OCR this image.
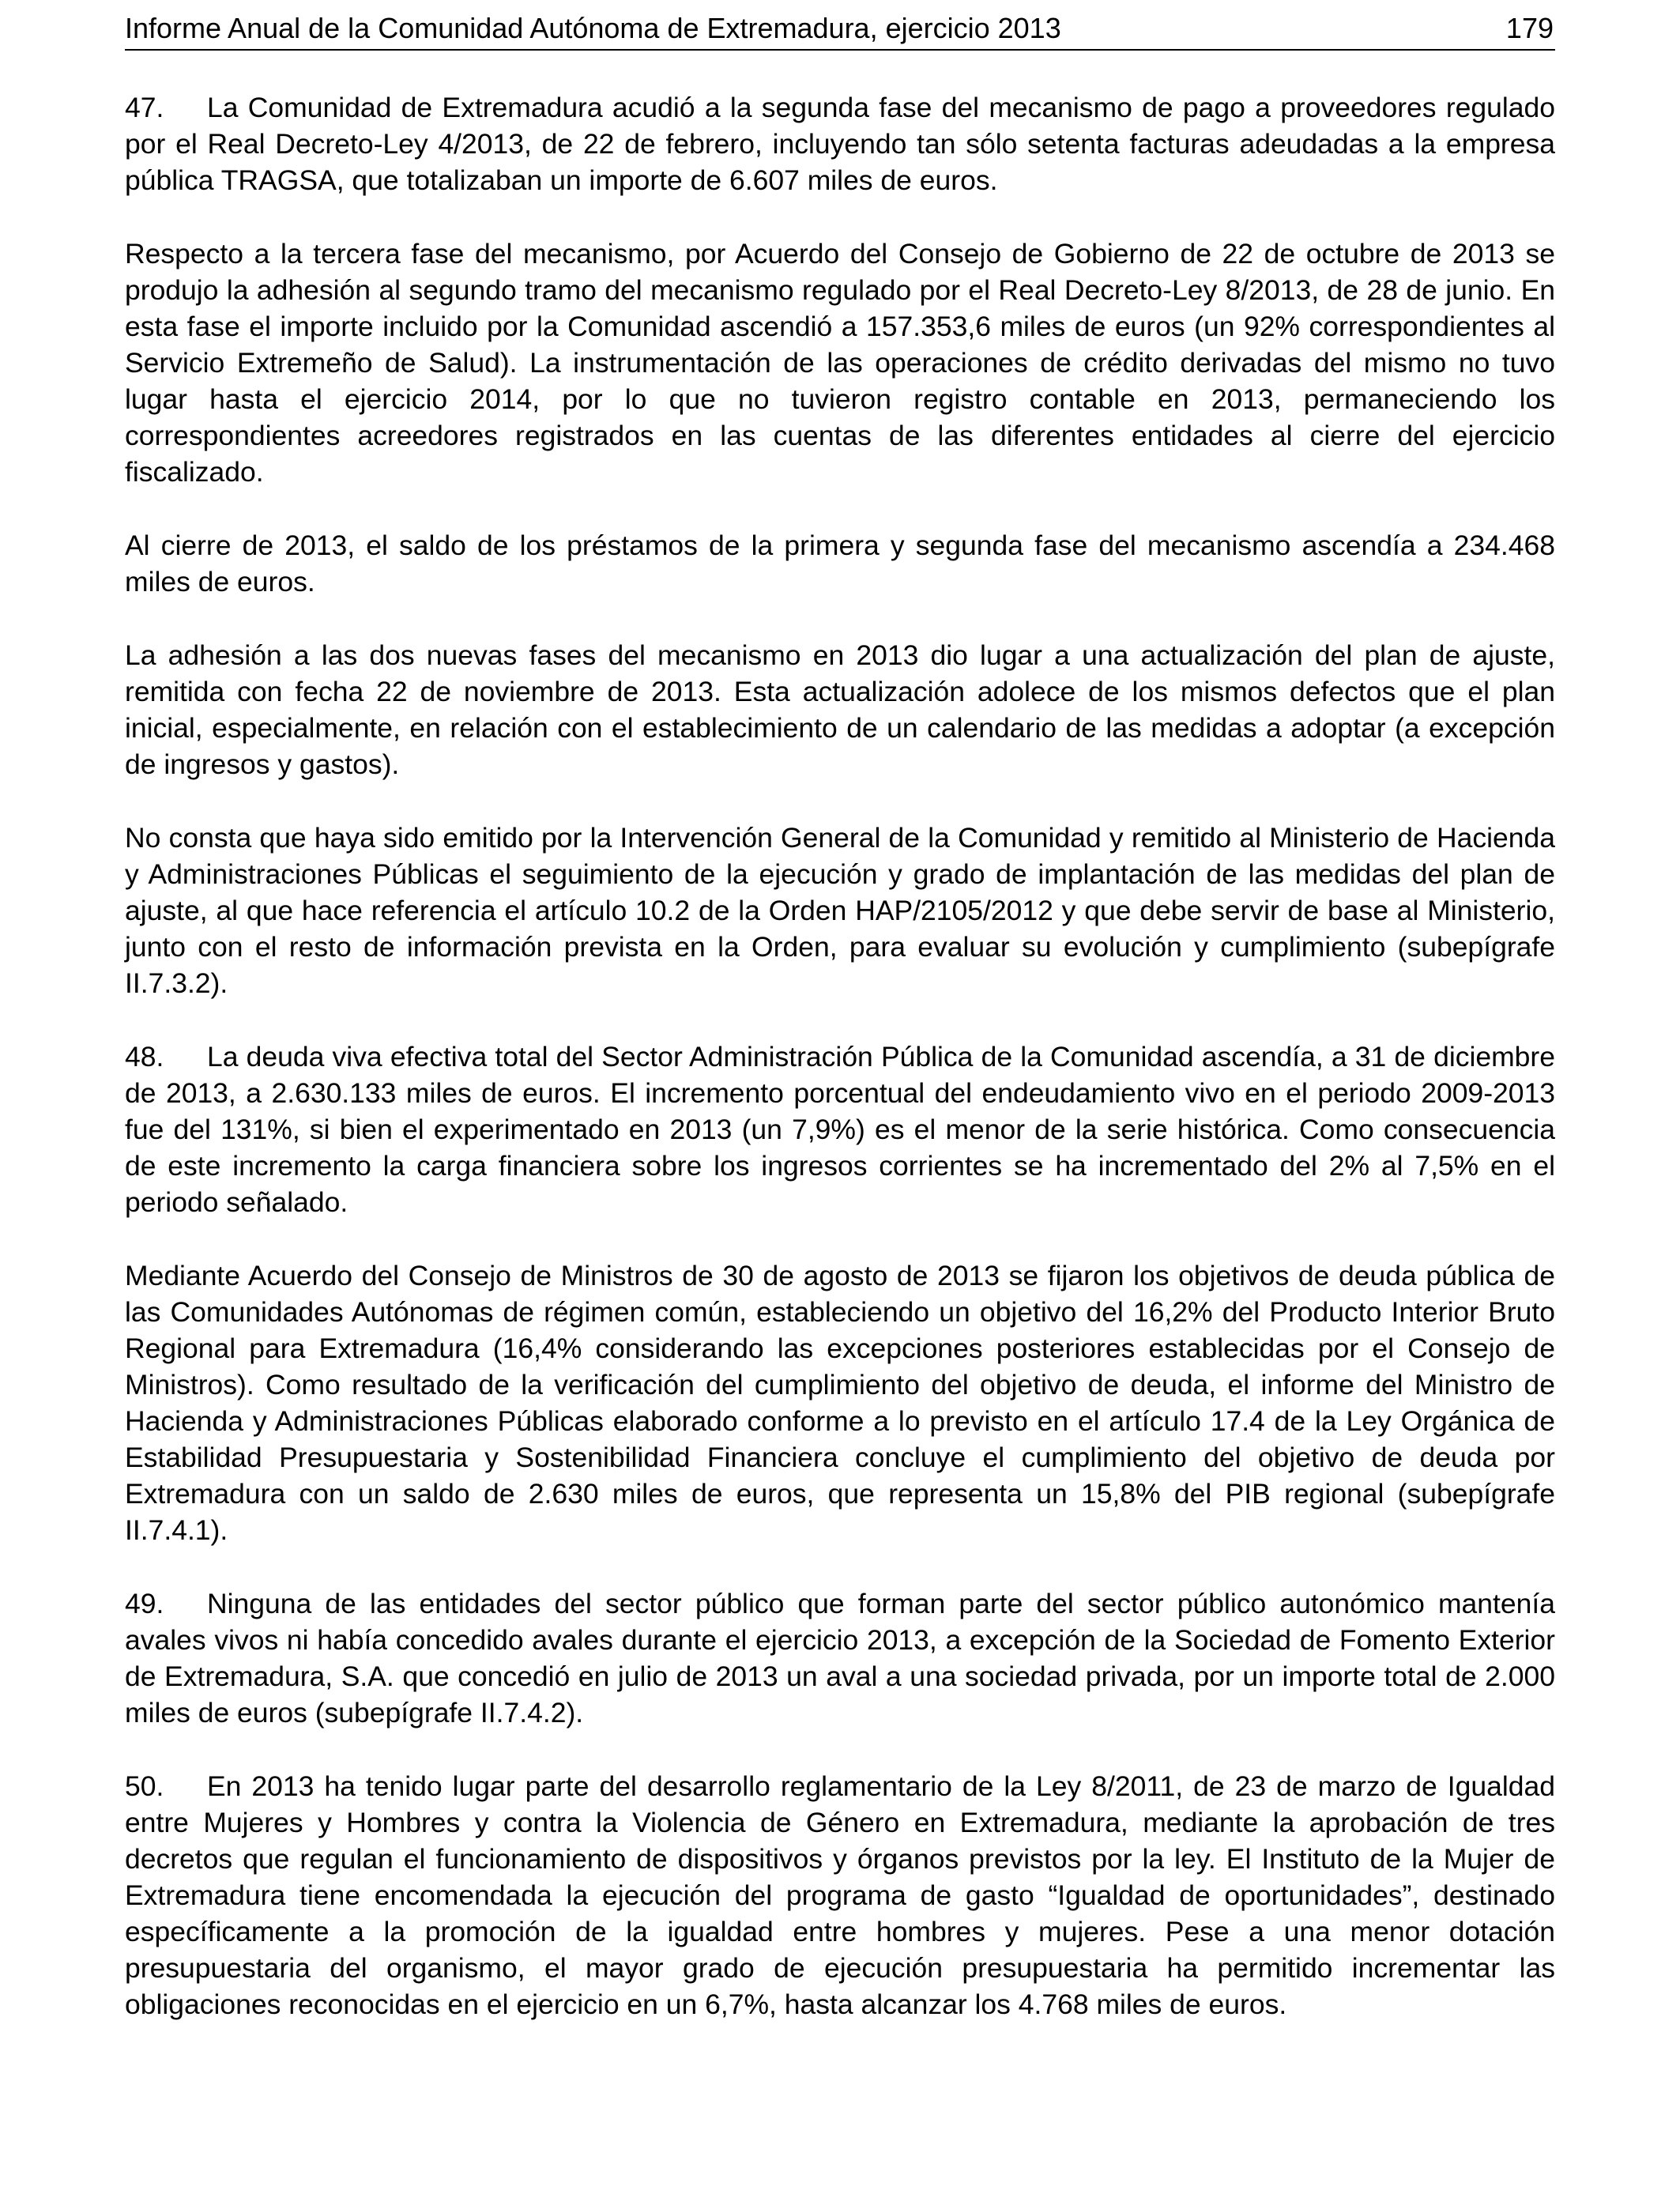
Informe Anual de la Comunidad Autónoma de Extremadura, ejercicio 2013	179

47. La Comunidad de Extremadura acudió a la segunda fase del mecanismo de pago a proveedores regulado por el Real Decreto-Ley 4/2013, de 22 de febrero, incluyendo tan sólo setenta facturas adeudadas a la empresa pública TRAGSA, que totalizaban un importe de 6.607 miles de euros.

Respecto a la tercera fase del mecanismo, por Acuerdo del Consejo de Gobierno de 22 de octubre de 2013 se produjo la adhesión al segundo tramo del mecanismo regulado por el Real Decreto-Ley 8/2013, de 28 de junio. En esta fase el importe incluido por la Comunidad ascendió a 157.353,6 miles de euros (un 92% correspondientes al Servicio Extremeño de Salud). La instrumentación de las operaciones de crédito derivadas del mismo no tuvo lugar hasta el ejercicio 2014, por lo que no tuvieron registro contable en 2013, permaneciendo los correspondientes acreedores registrados en las cuentas de las diferentes entidades al cierre del ejercicio fiscalizado.

Al cierre de 2013, el saldo de los préstamos de la primera y segunda fase del mecanismo ascendía a 234.468 miles de euros.

La adhesión a las dos nuevas fases del mecanismo en 2013 dio lugar a una actualización del plan de ajuste, remitida con fecha 22 de noviembre de 2013. Esta actualización adolece de los mismos defectos que el plan inicial, especialmente, en relación con el establecimiento de un calendario de las medidas a adoptar (a excepción de ingresos y gastos).

No consta que haya sido emitido por la Intervención General de la Comunidad y remitido al Ministerio de Hacienda y Administraciones Públicas el seguimiento de la ejecución y grado de implantación de las medidas del plan de ajuste, al que hace referencia el artículo 10.2 de la Orden HAP/2105/2012 y que debe servir de base al Ministerio, junto con el resto de información prevista en la Orden, para evaluar su evolución y cumplimiento (subepígrafe II.7.3.2).

48. La deuda viva efectiva total del Sector Administración Pública de la Comunidad ascendía, a 31 de diciembre de 2013, a 2.630.133 miles de euros. El incremento porcentual del endeudamiento vivo en el periodo 2009-2013 fue del 131%, si bien el experimentado en 2013 (un 7,9%) es el menor de la serie histórica. Como consecuencia de este incremento la carga financiera sobre los ingresos corrientes se ha incrementado del 2% al 7,5% en el periodo señalado.

Mediante Acuerdo del Consejo de Ministros de 30 de agosto de 2013 se fijaron los objetivos de deuda pública de las Comunidades Autónomas de régimen común, estableciendo un objetivo del 16,2% del Producto Interior Bruto Regional para Extremadura (16,4% considerando las excepciones posteriores establecidas por el Consejo de Ministros). Como resultado de la verificación del cumplimiento del objetivo de deuda, el informe del Ministro de Hacienda y Administraciones Públicas elaborado conforme a lo previsto en el artículo 17.4 de la Ley Orgánica de Estabilidad Presupuestaria y Sostenibilidad Financiera concluye el cumplimiento del objetivo de deuda por Extremadura con un saldo de 2.630 miles de euros, que representa un 15,8% del PIB regional (subepígrafe II.7.4.1).

49. Ninguna de las entidades del sector público que forman parte del sector público autonómico mantenía avales vivos ni había concedido avales durante el ejercicio 2013, a excepción de la Sociedad de Fomento Exterior de Extremadura, S.A. que concedió en julio de 2013 un aval a una sociedad privada, por un importe total de 2.000 miles de euros (subepígrafe II.7.4.2).

50. En 2013 ha tenido lugar parte del desarrollo reglamentario de la Ley 8/2011, de 23 de marzo de Igualdad entre Mujeres y Hombres y contra la Violencia de Género en Extremadura, mediante la aprobación de tres decretos que regulan el funcionamiento de dispositivos y órganos previstos por la ley. El Instituto de la Mujer de Extremadura tiene encomendada la ejecución del programa de gasto “Igualdad de oportunidades”, destinado específicamente a la promoción de la igualdad entre hombres y mujeres. Pese a una menor dotación presupuestaria del organismo, el mayor grado de ejecución presupuestaria ha permitido incrementar las obligaciones reconocidas en el ejercicio en un 6,7%, hasta alcanzar los 4.768 miles de euros.
